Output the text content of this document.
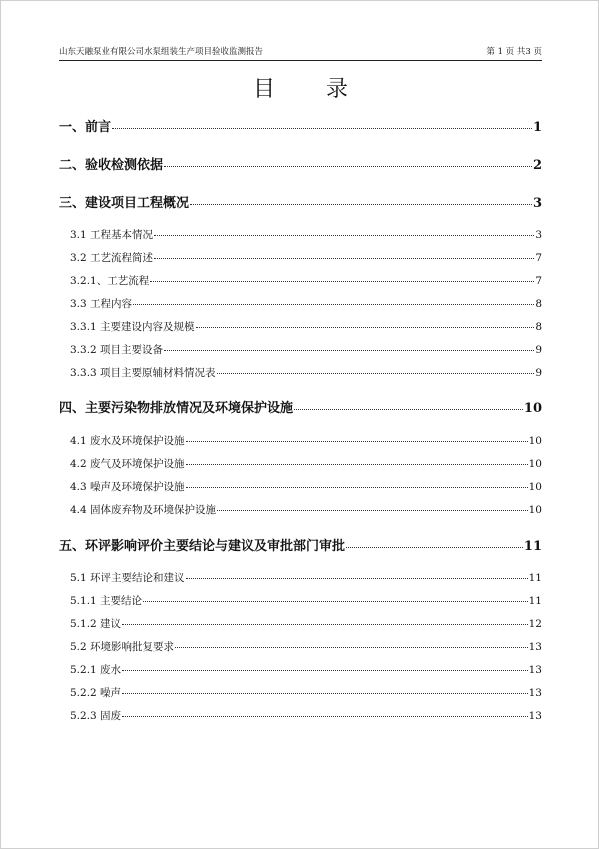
山东天融泵业有限公司水泵组装生产项目验收监测报告	第 1 页 共3 页
目 录
一、前言	1
二、验收检测依据	2
三、建设项目工程概况	3
3.1 工程基本情况	3
3.2 工艺流程简述	7
3.2.1、工艺流程	7
3.3 工程内容	8
3.3.1 主要建设内容及规模	8
3.3.2 项目主要设备	9
3.3.3 项目主要原辅材料情况表	9
四、主要污染物排放情况及环境保护设施	10
4.1 废水及环境保护设施	10
4.2 废气及环境保护设施	10
4.3 噪声及环境保护设施	10
4.4 固体废弃物及环境保护设施	10
五、环评影响评价主要结论与建议及审批部门审批	11
5.1 环评主要结论和建议	11
5.1.1 主要结论	11
5.1.2 建议	12
5.2 环境影响批复要求	13
5.2.1 废水	13
5.2.2 噪声	13
5.2.3 固废	13
